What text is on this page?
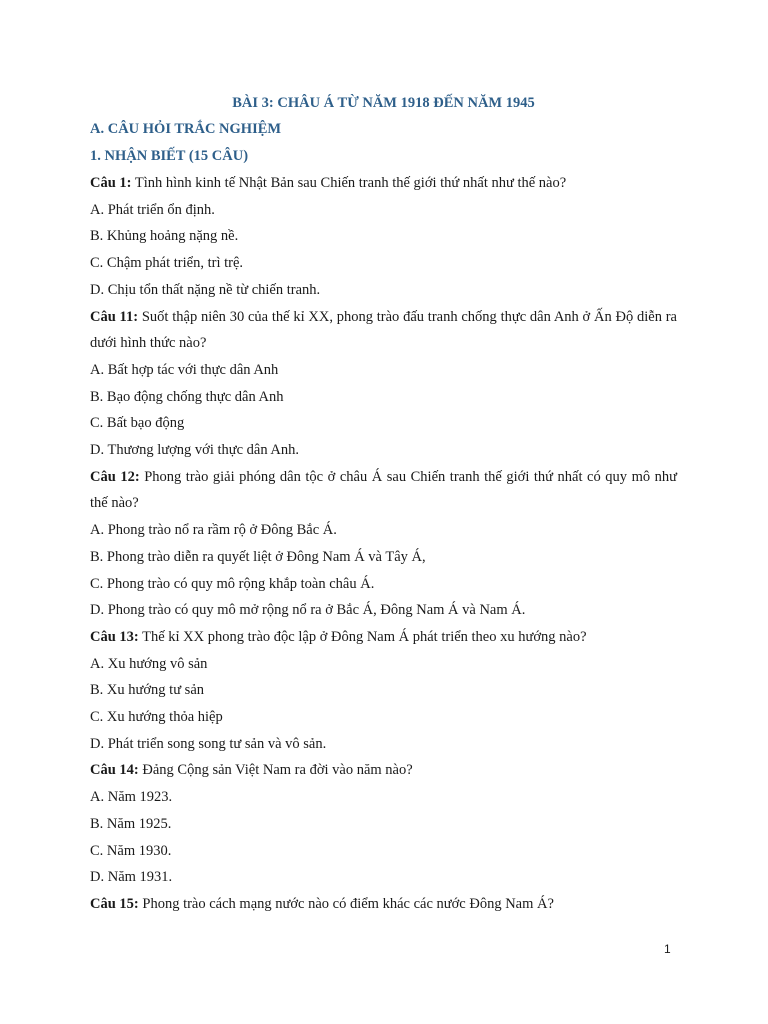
BÀI 3: CHÂU Á TỪ NĂM 1918 ĐẾN NĂM 1945

A. CÂU HỎI TRẮC NGHIỆM

1. NHẬN BIẾT (15 CÂU)

Câu 1: Tình hình kinh tế Nhật Bản sau Chiến tranh thế giới thứ nhất như thế nào?

A. Phát triển ổn định.

B. Khủng hoảng nặng nề.

C. Chậm phát triển, trì trệ.

D. Chịu tổn thất nặng nề từ chiến tranh.

Câu 11: Suốt thập niên 30 của thế kỉ XX, phong trào đấu tranh chống thực dân Anh ở Ấn Độ diễn ra dưới hình thức nào?

A. Bất hợp tác với thực dân Anh

B. Bạo động chống thực dân Anh

C. Bất bạo động

D. Thương lượng với thực dân Anh.

Câu 12: Phong trào giải phóng dân tộc ở châu Á sau Chiến tranh thế giới thứ nhất có quy mô như thế nào?

A. Phong trào nổ ra rầm rộ ở Đông Bắc Á.

B. Phong trào diễn ra quyết liệt ở Đông Nam Á và Tây Á,

C. Phong trào có quy mô rộng khắp toàn châu Á.

D. Phong trào có quy mô mở rộng nổ ra ở Bắc Á, Đông Nam Á và Nam Á.

Câu 13: Thế kỉ XX phong trào độc lập ở Đông Nam Á phát triển theo xu hướng nào?

A. Xu hướng vô sản

B. Xu hướng tư sản

C. Xu hướng thỏa hiệp

D. Phát triển song song tư sản và vô sản.

Câu 14: Đảng Cộng sản Việt Nam ra đời vào năm nào?

A. Năm 1923.

B. Năm 1925.

C. Năm 1930.

D. Năm 1931.

Câu 15: Phong trào cách mạng nước nào có điểm khác các nước Đông Nam Á?

1
